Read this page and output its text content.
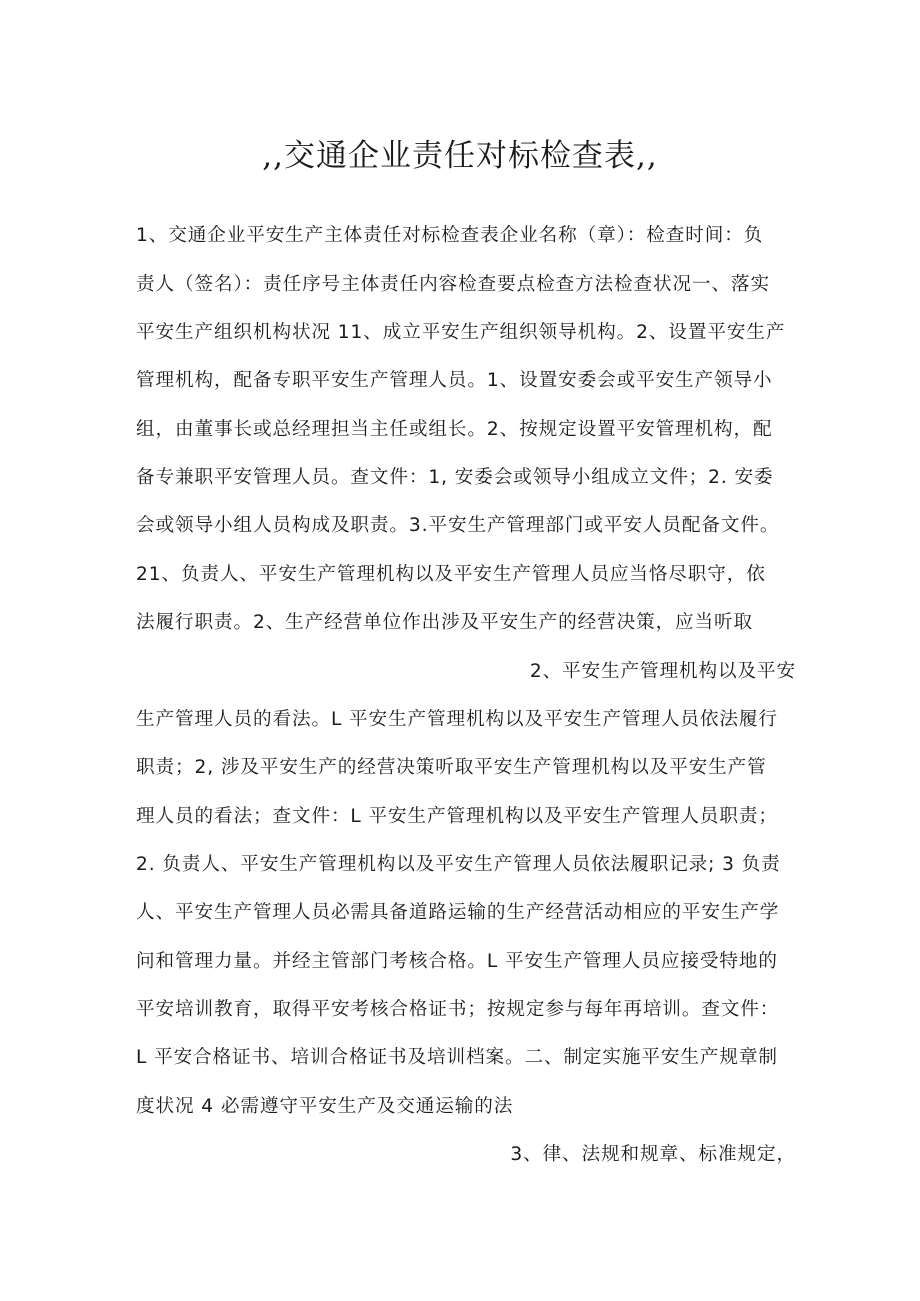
,,交通企业责任对标检查表,,
1、交通企业平安生产主体责任对标检查表企业名称（章）：检查时间：负
责人（签名）：责任序号主体责任内容检查要点检查方法检查状况一、落实
平安生产组织机构状况 11、成立平安生产组织领导机构。2、设置平安生产
管理机构，配备专职平安生产管理人员。1、设置安委会或平安生产领导小
组，由董事长或总经理担当主任或组长。2、按规定设置平安管理机构，配
备专兼职平安管理人员。查文件：1, 安委会或领导小组成立文件；2. 安委
会或领导小组人员构成及职责。3.平安生产管理部门或平安人员配备文件。
21、负责人、平安生产管理机构以及平安生产管理人员应当恪尽职守，依
法履行职责。2、生产经营单位作出涉及平安生产的经营决策，应当听取
2、平安生产管理机构以及平安
生产管理人员的看法。L 平安生产管理机构以及平安生产管理人员依法履行
职责；2, 涉及平安生产的经营决策听取平安生产管理机构以及平安生产管
理人员的看法；查文件：L 平安生产管理机构以及平安生产管理人员职责；
2. 负责人、平安生产管理机构以及平安生产管理人员依法履职记录; 3 负责
人、平安生产管理人员必需具备道路运输的生产经营活动相应的平安生产学
问和管理力量。并经主管部门考核合格。L 平安生产管理人员应接受特地的
平安培训教育，取得平安考核合格证书；按规定参与每年再培训。查文件：
L 平安合格证书、培训合格证书及培训档案。二、制定实施平安生产规章制
度状况 4 必需遵守平安生产及交通运输的法
3、律、法规和规章、标准规定，
